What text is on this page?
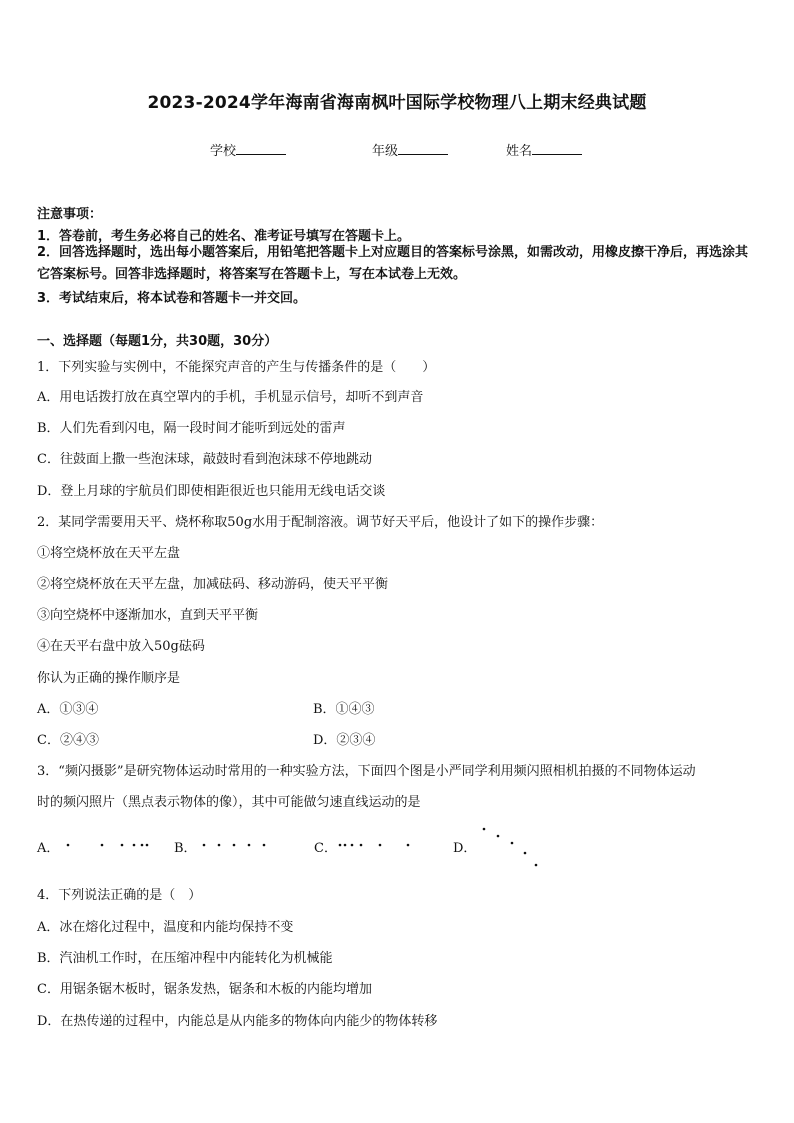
2023-2024学年海南省海南枫叶国际学校物理八上期末经典试题
学校	年级	姓名
注意事项：
1．答卷前，考生务必将自己的姓名、准考证号填写在答题卡上。
2．回答选择题时，选出每小题答案后，用铅笔把答题卡上对应题目的答案标号涂黑，如需改动，用橡皮擦干净后，再选涂其它答案标号。回答非选择题时，将答案写在答题卡上，写在本试卷上无效。
3．考试结束后，将本试卷和答题卡一并交回。
一、选择题（每题1分，共30题，30分）
1．下列实验与实例中，不能探究声音的产生与传播条件的是（　　）
A．用电话拨打放在真空罩内的手机，手机显示信号，却听不到声音
B．人们先看到闪电，隔一段时间才能听到远处的雷声
C．往鼓面上撒一些泡沫球，敲鼓时看到泡沫球不停地跳动
D．登上月球的宇航员们即使相距很近也只能用无线电话交谈
2．某同学需要用天平、烧杯称取50g水用于配制溶液。调节好天平后，他设计了如下的操作步骤：
①将空烧杯放在天平左盘
②将空烧杯放在天平左盘，加减砝码、移动游码，使天平平衡
③向空烧杯中逐渐加水，直到天平平衡
④在天平右盘中放入50g砝码
你认为正确的操作顺序是
A．①③④	B．①④③
C．②④③	D．②③④
3．“频闪摄影”是研究物体运动时常用的一种实验方法，下面四个图是小严同学利用频闪照相机拍摄的不同物体运动
时的频闪照片（黑点表示物体的像），其中可能做匀速直线运动的是
A．	B．	C．	D．
4．下列说法正确的是（　）
A．冰在熔化过程中，温度和内能均保持不变
B．汽油机工作时，在压缩冲程中内能转化为机械能
C．用锯条锯木板时，锯条发热，锯条和木板的内能均增加
D．在热传递的过程中，内能总是从内能多的物体向内能少的物体转移
